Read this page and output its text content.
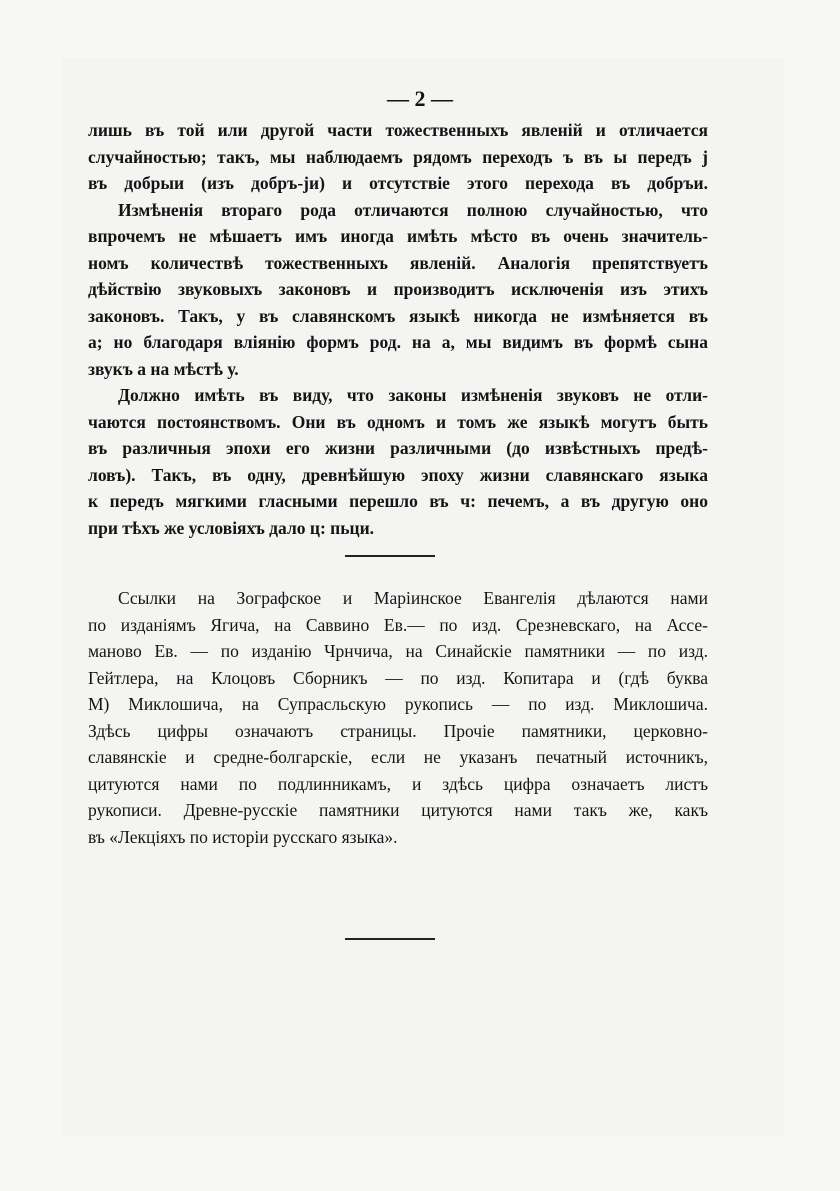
— 2 —
лишь въ той или другой части тожественныхъ явленій и отличается
случайностью; такъ, мы наблюдаемъ рядомъ переходъ ъ въ ы передъ j
въ добрыи (изъ добръ-jи) и отсутствіе этого перехода въ добръи.
Измѣненія втораго рода отличаются полною случайностью, что
впрочемъ не мѣшаетъ имъ иногда имѣть мѣсто въ очень значитель-
номъ количествѣ тожественныхъ явленій. Аналогія препятствуетъ
дѣйствію звуковыхъ законовъ и производитъ исключенія изъ этихъ
законовъ. Такъ, у въ славянскомъ языкѣ никогда не измѣняется въ
а; но благодаря вліянію формъ род. на а, мы видимъ въ формѣ сына
звукъ а на мѣстѣ у.
Должно имѣть въ виду, что законы измѣненія звуковъ не отли-
чаются постоянствомъ. Они въ одномъ и томъ же языкѣ могутъ быть
въ различныя эпохи его жизни различными (до извѣстныхъ предѣ-
ловъ). Такъ, въ одну, древнѣйшую эпоху жизни славянскаго языка
к передъ мягкими гласными перешло въ ч: печемъ, а въ другую оно
при тѣхъ же условіяхъ дало ц: пьци.
Ссылки на Зографское и Маріинское Евангелія дѣлаются нами
по изданіямъ Ягича, на Саввино Ев.— по изд. Срезневскаго, на Ассе-
маново Ев. — по изданію Чрнчича, на Синайскіе памятники — по изд.
Гейтлера, на Клоцовъ Сборникъ — по изд. Копитара и (гдѣ буква
М) Миклошича, на Супрасльскую рукопись — по изд. Миклошича.
Здѣсь цифры означаютъ страницы. Прочіе памятники, церковно-
славянскіе и средне-болгарскіе, если не указанъ печатный источникъ,
цитуются нами по подлинникамъ, и здѣсь цифра означаетъ листъ
рукописи. Древне-русскіе памятники цитуются нами такъ же, какъ
въ «Лекціяхъ по исторіи русскаго языка».
